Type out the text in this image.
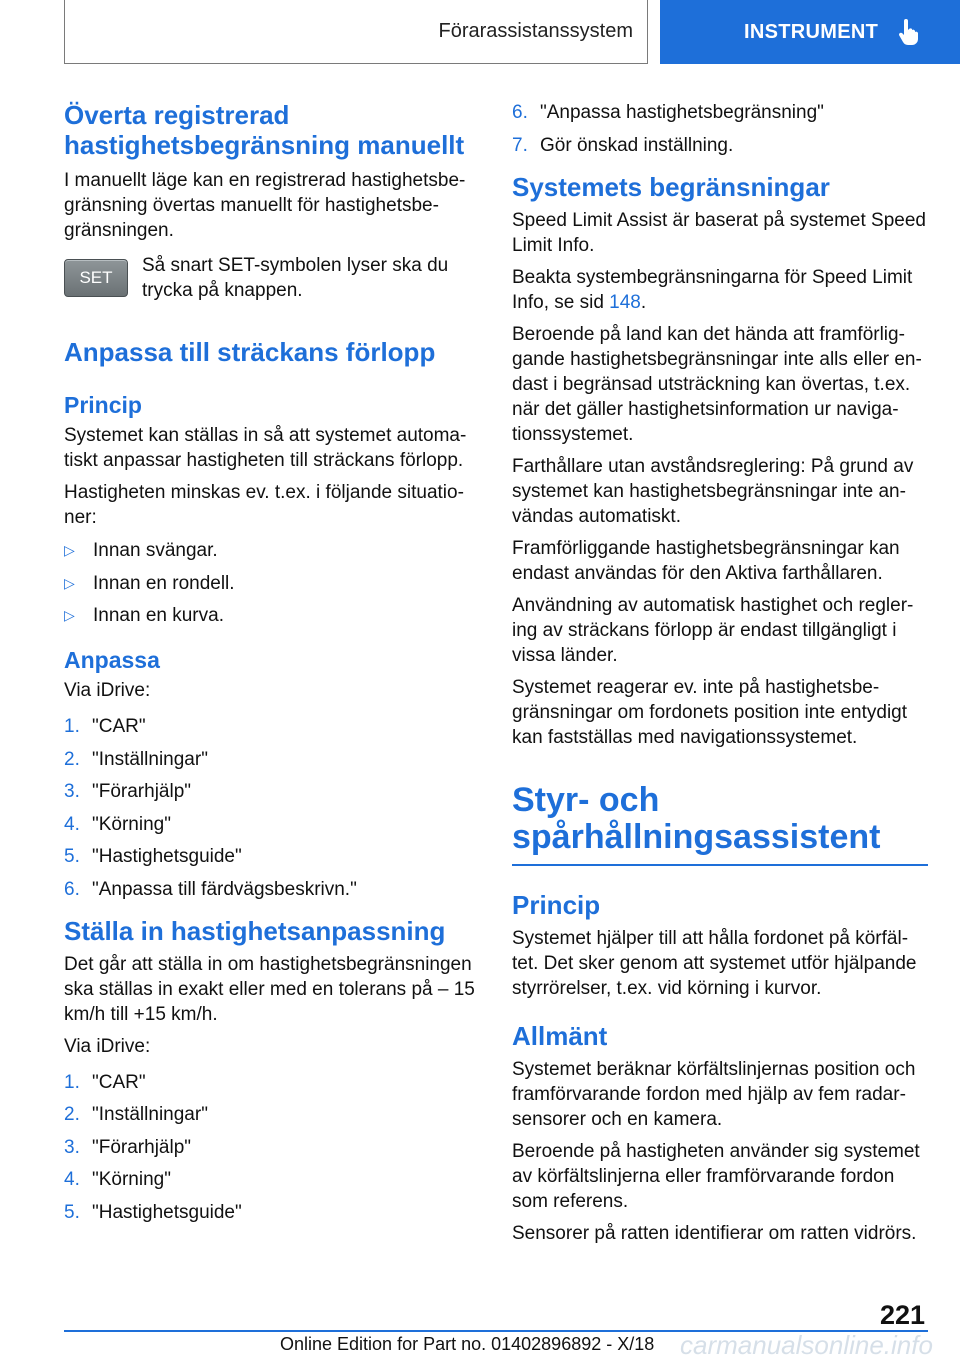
Förarassistanssystem	INSTRUMENT
Överta registrerad hastighetsbegränsning manuellt

I manuellt läge kan en registrerad hastighetsbegränsning övertas manuellt för hastighetsbegränsningen.

SET

Så snart SET-symbolen lyser ska du trycka på knappen.

Anpassa till sträckans förlopp
Princip

Systemet kan ställas in så att systemet automatiskt anpassar hastigheten till sträckans förlopp.

Hastigheten minskas ev. t.ex. i följande situationer:

▷ Innan svängar.
▷ Innan en rondell.
▷ Innan en kurva.
Anpassa

Via iDrive:

1. "CAR"
2. "Inställningar"
3. "Förarhjälp"
4. "Körning"
5. "Hastighetsguide"
6. "Anpassa till färdvägsbeskrivn."
Ställa in hastighetsanpassning

Det går att ställa in om hastighetsbegränsningen ska ställas in exakt eller med en tolerans på – 15 km/h till +15 km/h.

Via iDrive:

1. "CAR"
2. "Inställningar"
3. "Förarhjälp"
4. "Körning"
5. "Hastighetsguide"
6. "Anpassa hastighetsbegränsning"
7. Gör önskad inställning.
Systemets begränsningar

Speed Limit Assist är baserat på systemet Speed Limit Info.

Beakta systembegränsningarna för Speed Limit Info, se sid 148.

Beroende på land kan det hända att framförliggande hastighetsbegränsningar inte alls eller endast i begränsad utsträckning kan övertas, t.ex. när det gäller hastighetsinformation ur navigationssystemet.

Farthållare utan avståndsreglering: På grund av systemet kan hastighetsbegränsningar inte användas automatiskt.

Framförliggande hastighetsbegränsningar kan endast användas för den Aktiva farthållaren.

Användning av automatisk hastighet och reglering av sträckans förlopp är endast tillgängligt i vissa länder.

Systemet reagerar ev. inte på hastighetsbegränsningar om fordonets position inte entydigt kan fastställas med navigationssystemet.

Styr- och spårhållningsassistent
Princip

Systemet hjälper till att hålla fordonet på körfältet. Det sker genom att systemet utför hjälpande styrrörelser, t.ex. vid körning i kurvor.

Allmänt

Systemet beräknar körfältslinjernas position och framförvarande fordon med hjälp av fem radarsensorer och en kamera.

Beroende på hastigheten använder sig systemet av körfältslinjerna eller framförvarande fordon som referens.

Sensorer på ratten identifierar om ratten vidrörs.

221
carmanualsonline.info
Online Edition for Part no. 01402896892 - X/18
